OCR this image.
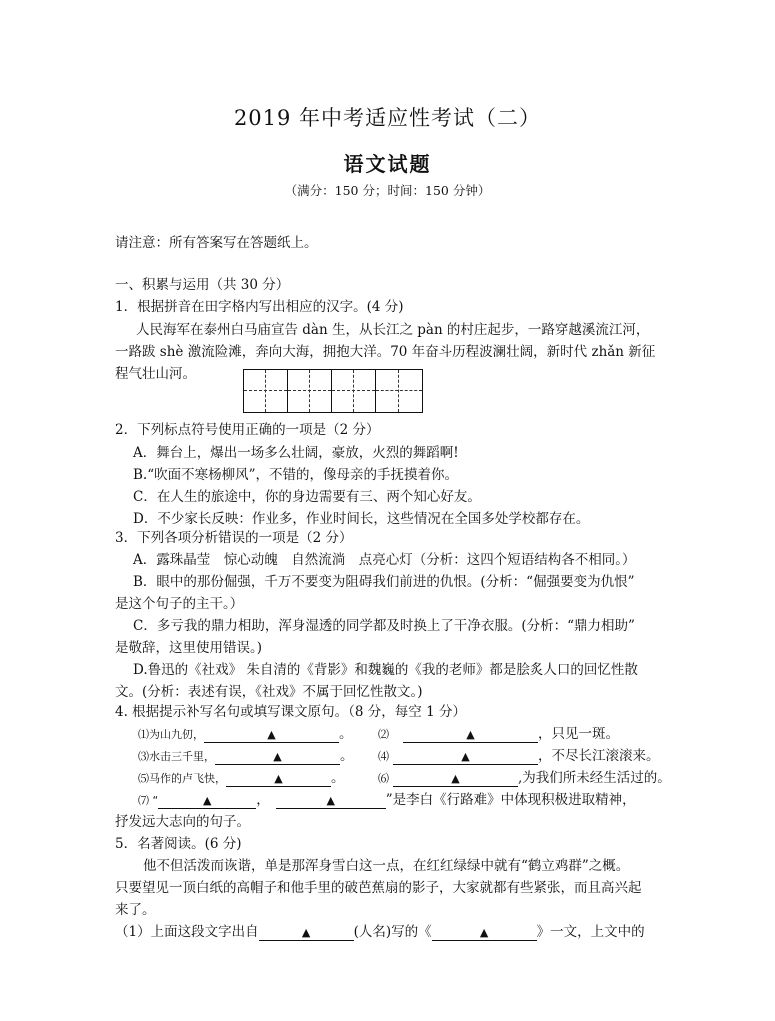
2019 年中考适应性考试（二）
语文试题
（满分：150 分；时间：150 分钟）
请注意：所有答案写在答题纸上。
一、积累与运用（共 30 分）
1．根据拼音在田字格内写出相应的汉字。(4 分)
人民海军在泰州白马庙宣告 dàn 生，从长江之 pàn 的村庄起步，一路穿越溪流江河，
一路跋 shè 激流险滩，奔向大海，拥抱大洋。70 年奋斗历程波澜壮阔，新时代 zhǎn 新征
程气壮山河。
2．下列标点符号使用正确的一项是（2 分）
A．舞台上，爆出一场多么壮阔，豪放，火烈的舞蹈啊!
B.“吹面不寒杨柳风”，不错的，像母亲的手抚摸着你。
C．在人生的旅途中，你的身边需要有三、两个知心好友。
D．不少家长反映：作业多，作业时间长，这些情况在全国多处学校都存在。
3．下列各项分析错误的一项是（2 分）
A．露珠晶莹　惊心动魄　自然流淌　点亮心灯（分析：这四个短语结构各不相同。）
B．眼中的那份倔强，千万不要变为阻碍我们前进的仇恨。(分析：“倔强要变为仇恨”
是这个句子的主干。）
C．多亏我的鼎力相助，浑身湿透的同学都及时换上了干净衣服。(分析：“鼎力相助”
是敬辞，这里使用错误。)
D.鲁迅的《社戏》 朱自清的《背影》和魏巍的《我的老师》都是脍炙人口的回忆性散
文。(分析：表述有误，《社戏》不属于回忆性散文。)
4. 根据提示补写名句或填写课文原句。（8 分，每空 1 分）
⑴为山九仞，	▲	。 ⑵	▲	，只见一斑。
⑶水击三千里，	▲	。 ⑷	▲	，不尽长江滚滚来。
⑸马作的卢飞快，	▲	。	⑹	▲	,为我们所未经生活过的。
⑺ “	▲	，	▲	”是李白《行路难》中体现积极进取精神，
抒发远大志向的句子。
5．名著阅读。(6 分)
他不但活泼而诙谐，单是那浑身雪白这一点，在红红绿绿中就有“鹤立鸡群”之概。
只要望见一顶白纸的高帽子和他手里的破芭蕉扇的影子，大家就都有些紧张，而且高兴起
来了。
（1）上面这段文字出自	▲	(人名)写的《	▲	》一文，上文中的
